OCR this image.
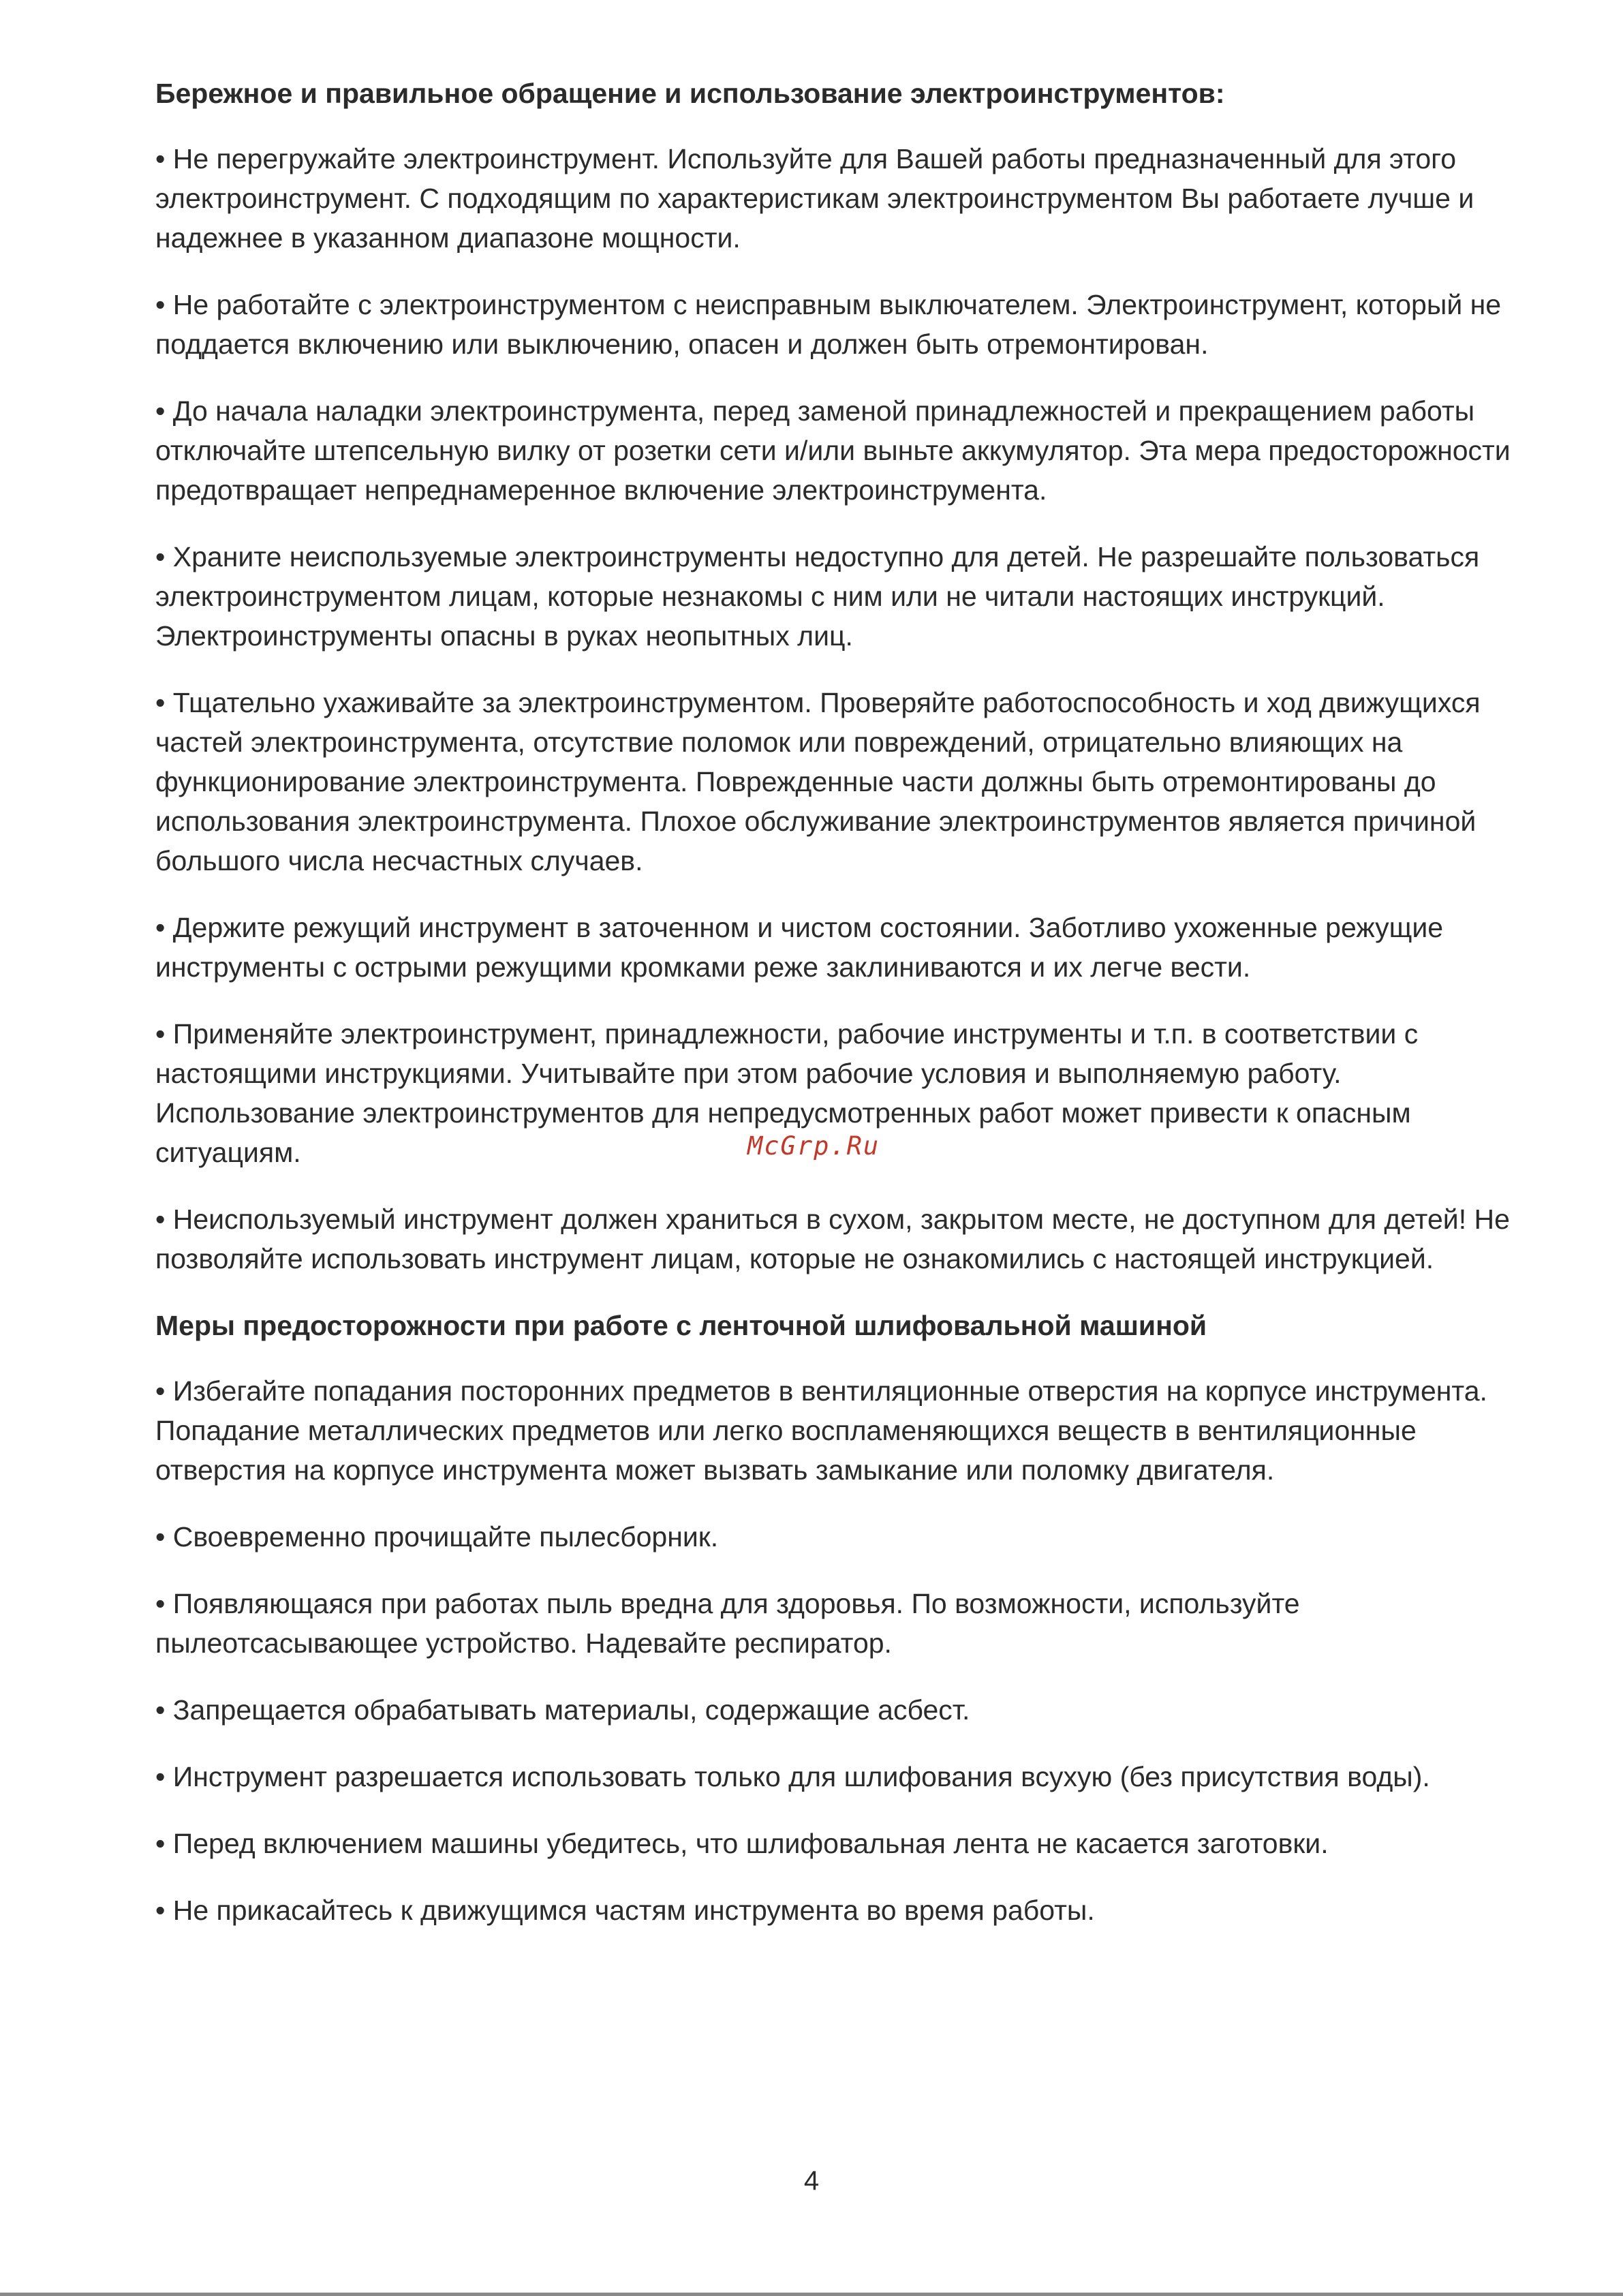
Бережное и правильное обращение и использование электроинструментов:

• Не перегружайте электроинструмент. Используйте для Вашей работы предназначенный для этого электроинструмент. С подходящим по характеристикам электроинструментом Вы работаете лучше и надежнее в указанном диапазоне мощности.

• Не работайте с электроинструментом с неисправным выключателем. Электроинструмент, который не поддается включению или выключению, опасен и должен быть отремонтирован.

• До начала наладки электроинструмента, перед заменой принадлежностей и прекращением работы отключайте штепсельную вилку от розетки сети и/или выньте аккумулятор. Эта мера предосторожности предотвращает непреднамеренное включение электроинструмента.

• Храните неиспользуемые электроинструменты недоступно для детей. Не разрешайте пользоваться электроинструментом лицам, которые незнакомы с ним или не читали настоящих инструкций. Электроинструменты опасны в руках неопытных лиц.

• Тщательно ухаживайте за электроинструментом. Проверяйте работоспособность и ход движущихся частей электроинструмента, отсутствие поломок или повреждений, отрицательно влияющих на функционирование электроинструмента. Поврежденные части должны быть отремонтированы до использования электроинструмента. Плохое обслуживание электроинструментов является причиной большого числа несчастных случаев.

• Держите режущий инструмент в заточенном и чистом состоянии. Заботливо ухоженные режущие инструменты с острыми режущими кромками реже заклиниваются и их легче вести.

• Применяйте электроинструмент, принадлежности, рабочие инструменты и т.п. в соответствии с настоящими инструкциями. Учитывайте при этом рабочие условия и выполняемую работу. Использование электроинструментов для непредусмотренных работ может привести к опасным ситуациям.

• Неиспользуемый инструмент должен храниться в сухом, закрытом месте, не доступном для детей! Не позволяйте использовать инструмент лицам, которые не ознакомились с настоящей инструкцией.

Меры предосторожности при работе с ленточной шлифовальной машиной

• Избегайте попадания посторонних предметов в вентиляционные отверстия на корпусе инструмента. Попадание металлических предметов или легко воспламеняющихся веществ в вентиляционные отверстия на корпусе инструмента может вызвать замыкание или поломку двигателя.

• Своевременно прочищайте пылесборник.

• Появляющаяся при работах пыль вредна для здоровья. По возможности, используйте пылеотсасывающее устройство. Надевайте респиратор.

• Запрещается обрабатывать материалы, содержащие асбест.

• Инструмент разрешается использовать только для шлифования всухую (без присутствия воды).

• Перед включением машины убедитесь, что шлифовальная лента не касается заготовки.

• Не прикасайтесь к движущимся частям инструмента во время работы.

McGrp.Ru
4
